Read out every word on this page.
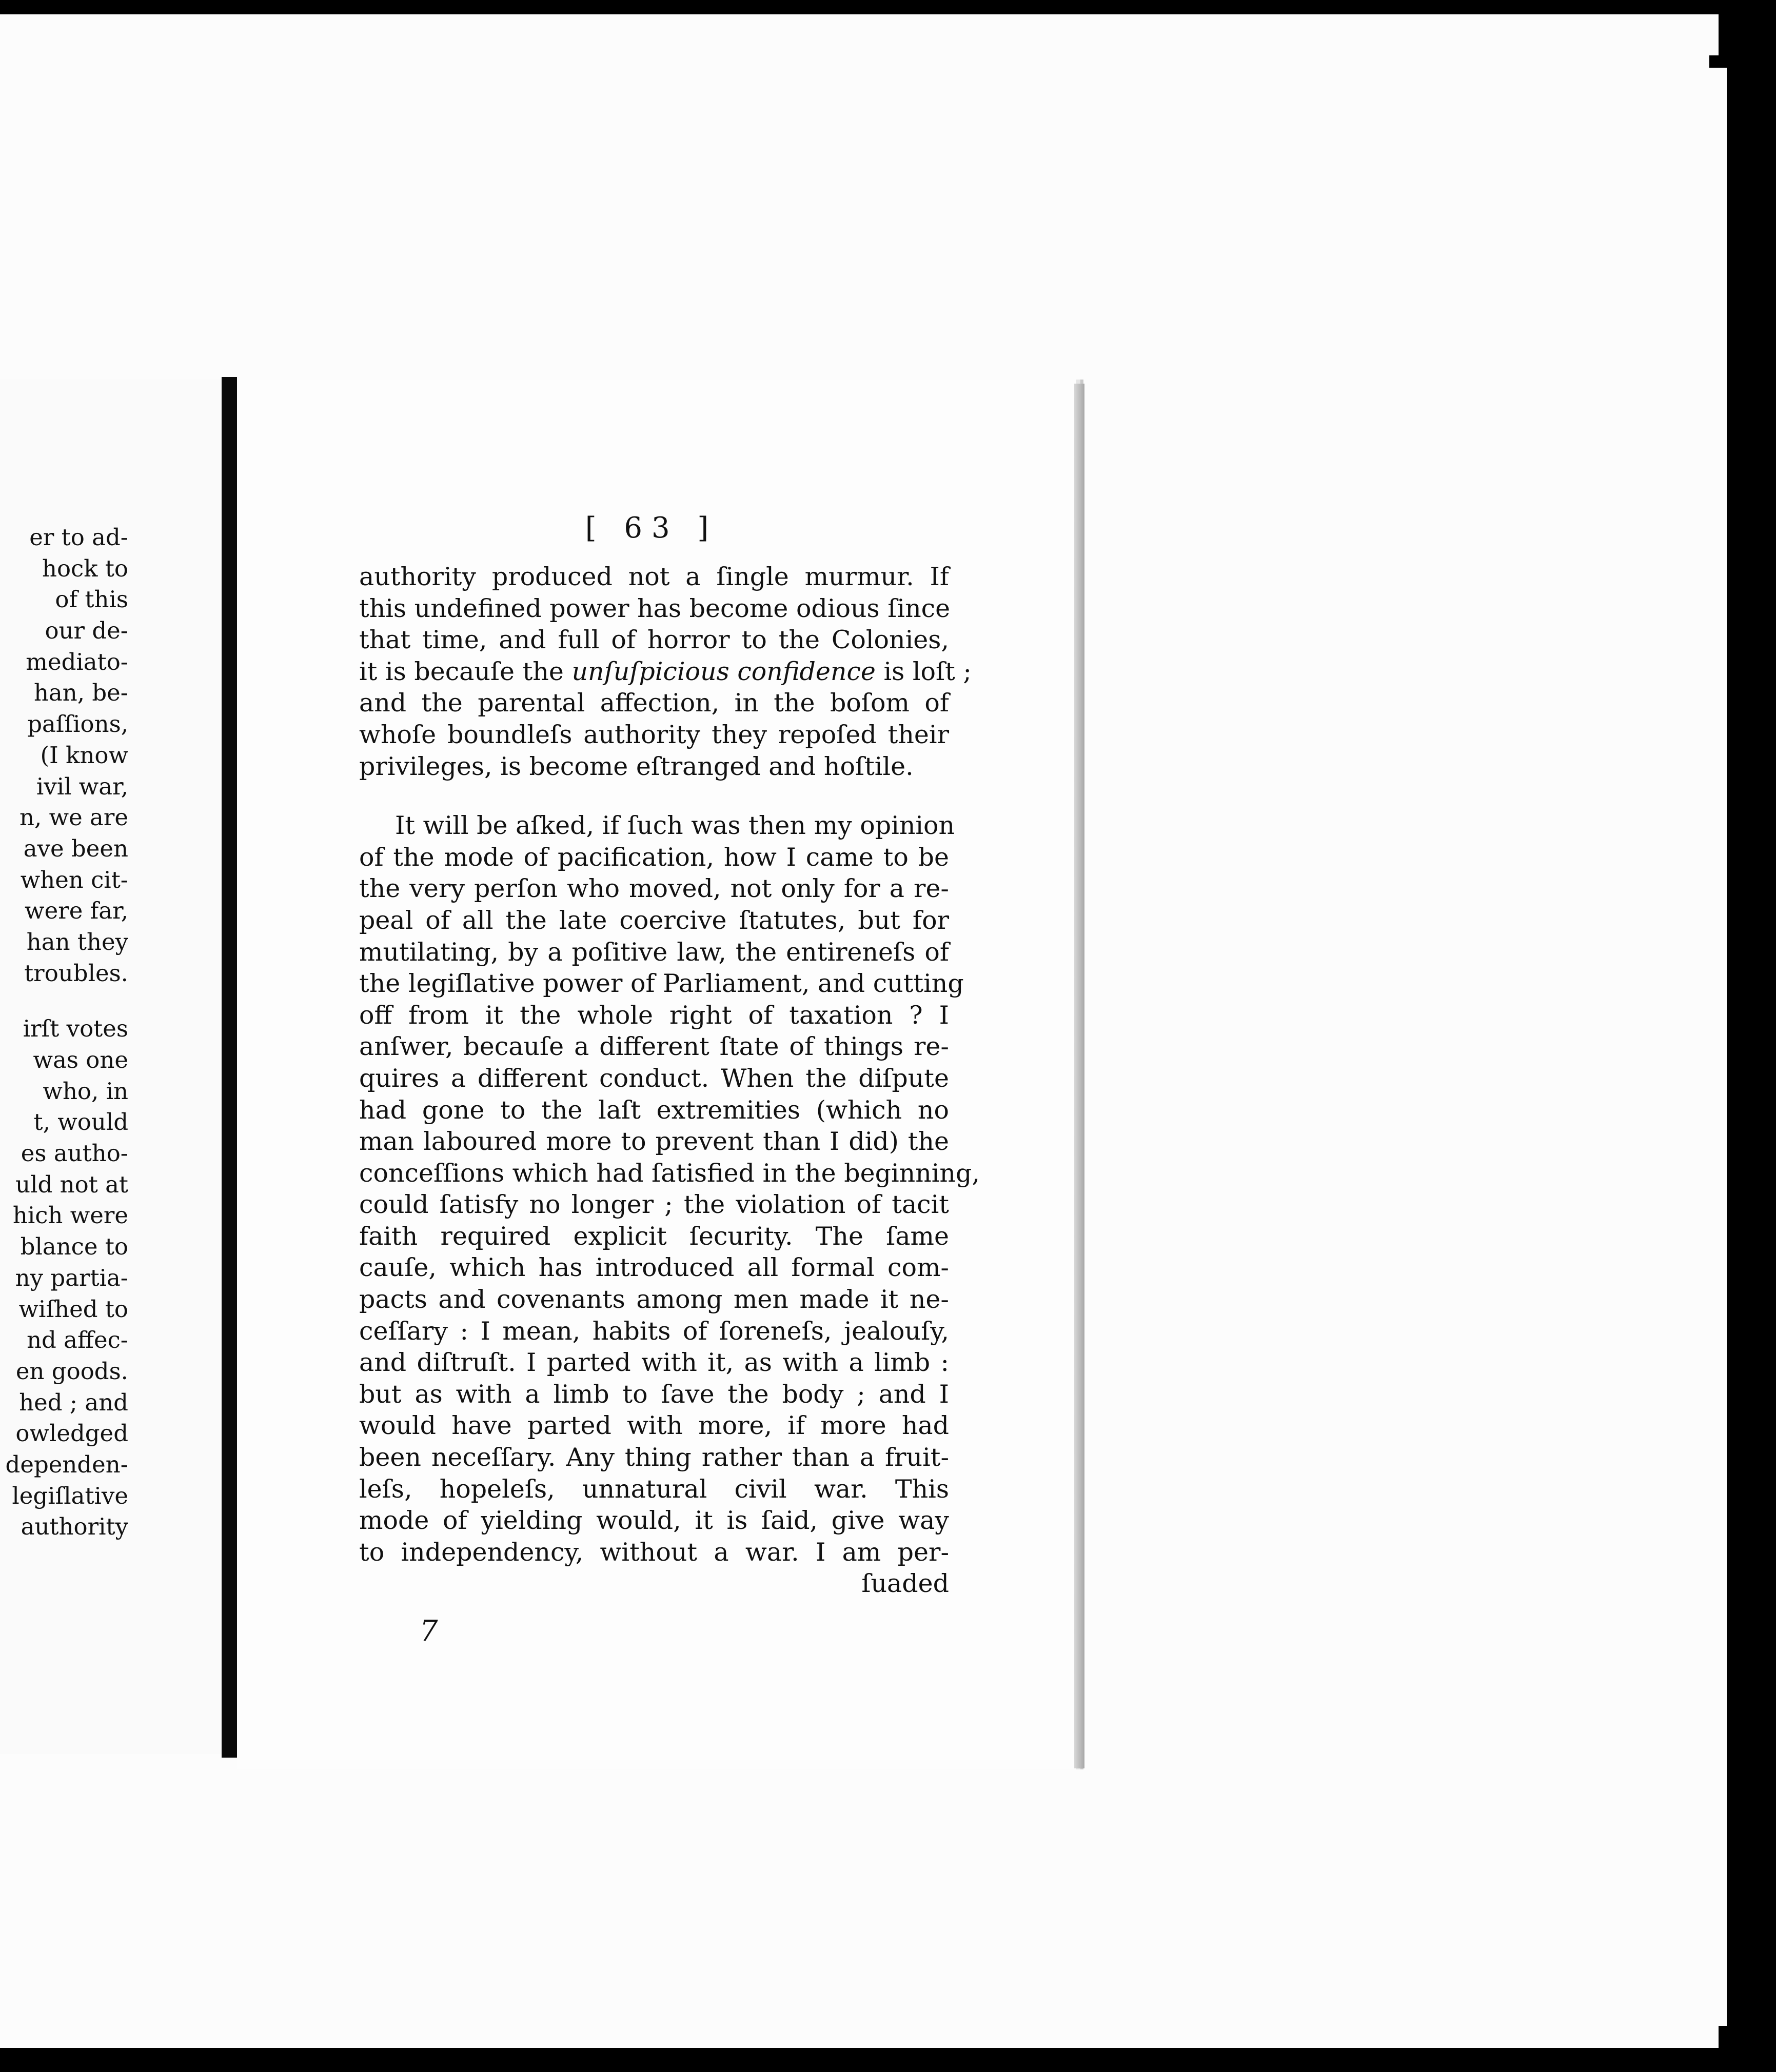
er to ad-
hock to
of this
our de-
mediato-
han, be-
paſſions,
(I know
ivil war,
n, we are
ave been
when cit-
were far,
han they
troubles.
irſt votes
was one
who, in
t, would
es autho-
uld not at
hich were
blance to
ny partia-
wiſhed to
nd affec-
en goods.
hed ; and
owledged
dependen-
legiſlative
authority
[ 63 ]
authority produced not a ſingle murmur. If
this undefined power has become odious ſince
that time, and full of horror to the Colonies,
it is becauſe the unſuſpicious confidence is loſt ;
and the parental affection, in the boſom of
whoſe boundleſs authority they repoſed their
privileges, is become eſtranged and hoſtile.
It will be aſked, if ſuch was then my opinion
of the mode of pacification, how I came to be
the very perſon who moved, not only for a re-
peal of all the late coercive ſtatutes, but for
mutilating, by a poſitive law, the entireneſs of
the legiſlative power of Parliament, and cutting
off from it the whole right of taxation ? I
anſwer, becauſe a different ſtate of things re-
quires a different conduct. When the diſpute
had gone to the laſt extremities (which no
man laboured more to prevent than I did) the
conceſſions which had ſatisfied in the beginning,
could ſatisfy no longer ; the violation of tacit
faith required explicit ſecurity. The ſame
cauſe, which has introduced all formal com-
pacts and covenants among men made it ne-
ceſſary : I mean, habits of ſoreneſs, jealouſy,
and diſtruſt. I parted with it, as with a limb :
but as with a limb to ſave the body ; and I
would have parted with more, if more had
been neceſſary. Any thing rather than a fruit-
leſs, hopeleſs, unnatural civil war. This
mode of yielding would, it is ſaid, give way
to independency, without a war. I am per-
ſuaded
7
